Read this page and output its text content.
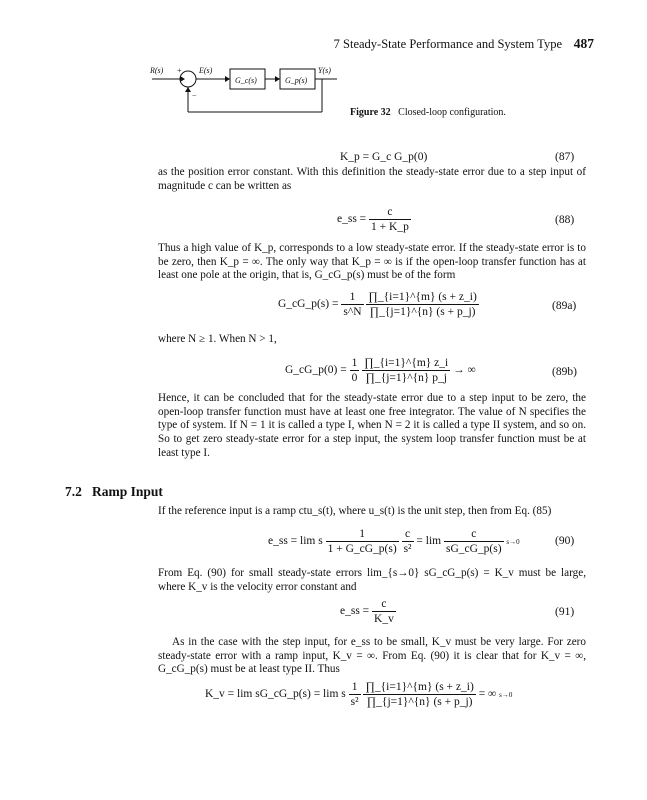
7 Steady-State Performance and System Type 487
R(s) + E(s)	Y(s)
−
G_c(s)	G_p(s)
Figure 32 Closed-loop configuration.
K_p = G_c G_p(0)	(87)
as the position error constant. With this definition the steady-state error due to a step input of magnitude c can be written as
e_ss = $\frac{c}{1 + K\_p}$	(88)
Thus a high value of K_p, corresponds to a low steady-state error. If the steady-state error is to be zero, then K_p = ∞. The only way that K_p = ∞ is if the open-loop transfer function has at least one pole at the origin, that is, G_cG_p(s) must be of the form
G_cG_p(s) = $\frac{1}{s\^{}N}$
$\frac{\prod\_\{i=1\}\^{}\{m\} (s + z\_i)}{\prod\_\{j=1\}\^{}\{n\} (s + p\_j)}$	(89a)
where N ≥ 1. When N > 1,
G_cG_p(0) = $\frac{1}{0}$
$\frac{\prod\_\{i=1\}\^{}\{m\} z\_i}{\prod\_\{j=1\}\^{}\{n\} p\_j}$ → ∞	(89b)
Hence, it can be concluded that for the steady-state error due to a step input to be zero, the open-loop transfer function must have at least one free integrator. The value of N specifies the type of system. If N = 1 it is called a type I, when N = 2 it is called a type II system, and so on. So to get zero steady-state error for a step input, the system loop transfer function must be at least type I.
7.2 Ramp Input
If the reference input is a ramp ctu_s(t), where u_s(t) is the unit step, then from Eq. (85)
e_ss = lim s $\frac{1}{1 + G\_cG\_p(s)}$
$\frac{c}{\text{s²}} = \lim \frac{c}{sG\_cG\_p(s)} s\to 0$	(90)
From Eq. (90) for small steady-state errors lim_{s→0} sG_cG_p(s) = K_v must be large, where K_v is the velocity error constant and
e_ss = $\frac{c}{K\_v}$	(91)
As in the case with the step input, for e_ss to be small, K_v must be very large. For zero steady-state error with a ramp input, K_v = ∞. From Eq. (90) it is clear that for K_v = ∞, G_cG_p(s) must be at least type II. Thus
K_v = lim sG_cG_p(s) = lim s $\frac{1}{\text{s²}}$
$\frac{\prod\_\{i=1\}\^{}\{m\} (s + z\_i)}{\prod\_\{j=1\}\^{}\{n\} (s + p\_j)}$ = ∞ s→0
